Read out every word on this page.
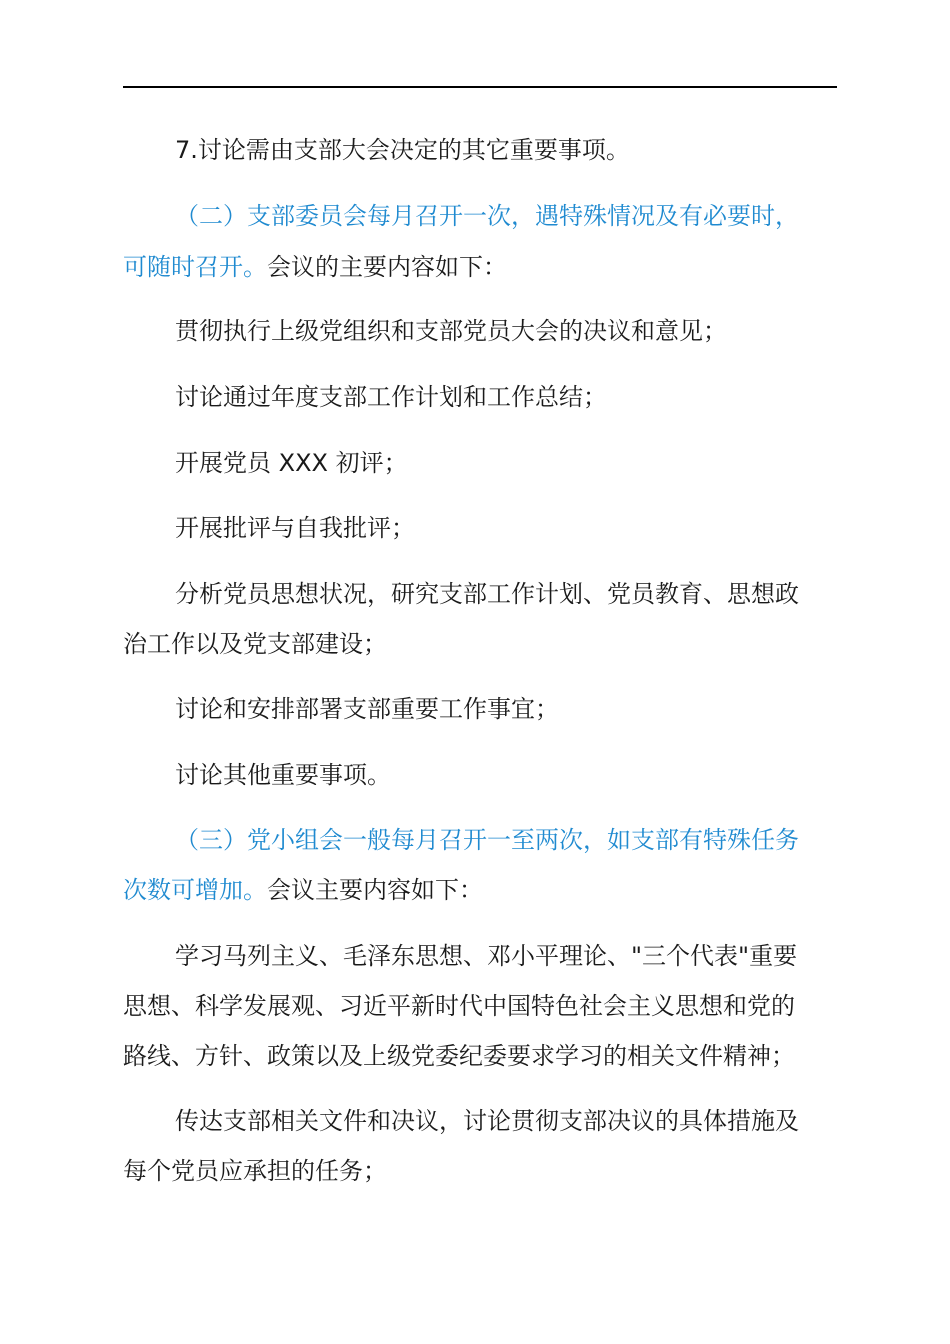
7.讨论需由支部大会决定的其它重要事项。

（二）支部委员会每月召开一次，遇特殊情况及有必要时，

可随时召开。会议的主要内容如下：

贯彻执行上级党组织和支部党员大会的决议和意见；

讨论通过年度支部工作计划和工作总结；

开展党员 XXX 初评；

开展批评与自我批评；

分析党员思想状况，研究支部工作计划、党员教育、思想政

治工作以及党支部建设；

讨论和安排部署支部重要工作事宜；

讨论其他重要事项。

（三）党小组会一般每月召开一至两次，如支部有特殊任务

次数可增加。会议主要内容如下：

学习马列主义、毛泽东思想、邓小平理论、"三个代表"重要

思想、科学发展观、习近平新时代中国特色社会主义思想和党的

路线、方针、政策以及上级党委纪委要求学习的相关文件精神；

传达支部相关文件和决议，讨论贯彻支部决议的具体措施及

每个党员应承担的任务；
